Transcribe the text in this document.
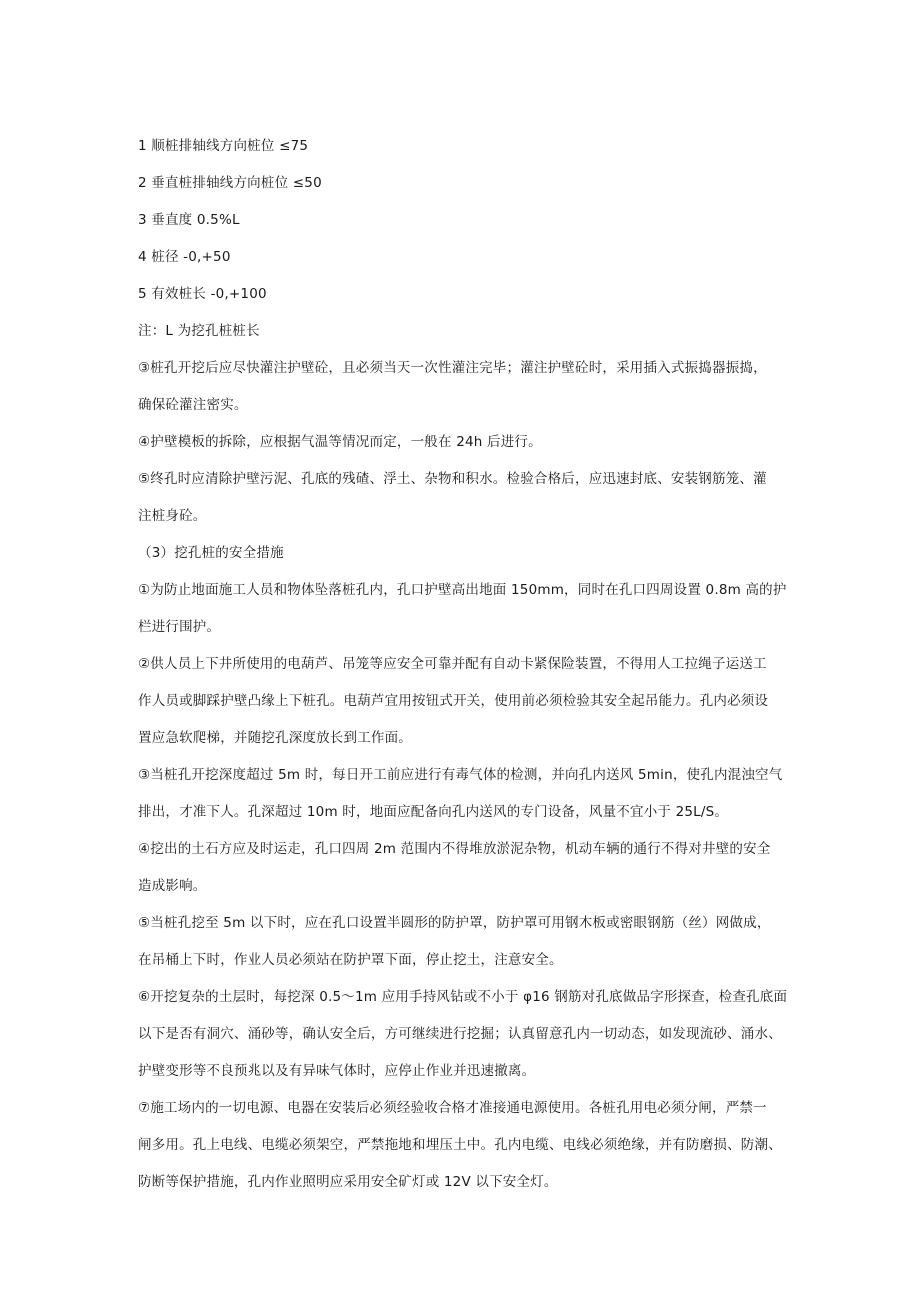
1 顺桩排轴线方向桩位 ≤75
2 垂直桩排轴线方向桩位 ≤50
3 垂直度 0.5%L
4 桩径 -0,+50
5 有效桩长 -0,+100
注：L 为挖孔桩桩长
③桩孔开挖后应尽快灌注护壁砼，且必须当天一次性灌注完毕；灌注护壁砼时，采用插入式振捣器振捣，
确保砼灌注密实。
④护壁模板的拆除，应根据气温等情况而定，一般在 24h 后进行。
⑤终孔时应清除护壁污泥、孔底的残碴、浮土、杂物和积水。检验合格后，应迅速封底、安装钢筋笼、灌
注桩身砼。
（3）挖孔桩的安全措施
①为防止地面施工人员和物体坠落桩孔内，孔口护壁高出地面 150mm，同时在孔口四周设置 0.8m 高的护
栏进行围护。
②供人员上下井所使用的电葫芦、吊笼等应安全可靠并配有自动卡紧保险装置，不得用人工拉绳子运送工
作人员或脚踩护壁凸缘上下桩孔。电葫芦宜用按钮式开关，使用前必须检验其安全起吊能力。孔内必须设
置应急软爬梯，并随挖孔深度放长到工作面。
③当桩孔开挖深度超过 5m 时，每日开工前应进行有毒气体的检测，并向孔内送风 5min，使孔内混浊空气
排出，才准下人。孔深超过 10m 时，地面应配备向孔内送风的专门设备，风量不宜小于 25L/S。
④挖出的土石方应及时运走，孔口四周 2m 范围内不得堆放淤泥杂物，机动车辆的通行不得对井壁的安全
造成影响。
⑤当桩孔挖至 5m 以下时，应在孔口设置半圆形的防护罩，防护罩可用钢木板或密眼钢筋（丝）网做成，
在吊桶上下时，作业人员必须站在防护罩下面，停止挖土，注意安全。
⑥开挖复杂的土层时，每挖深 0.5～1m 应用手持风钻或不小于 φ16 钢筋对孔底做品字形探查，检查孔底面
以下是否有洞穴、涌砂等，确认安全后，方可继续进行挖掘；认真留意孔内一切动态，如发现流砂、涌水、
护壁变形等不良预兆以及有异味气体时，应停止作业并迅速撤离。
⑦施工场内的一切电源、电器在安装后必须经验收合格才准接通电源使用。各桩孔用电必须分闸，严禁一
闸多用。孔上电线、电缆必须架空，严禁拖地和埋压土中。孔内电缆、电线必须绝缘，并有防磨损、防潮、
防断等保护措施，孔内作业照明应采用安全矿灯或 12V 以下安全灯。
